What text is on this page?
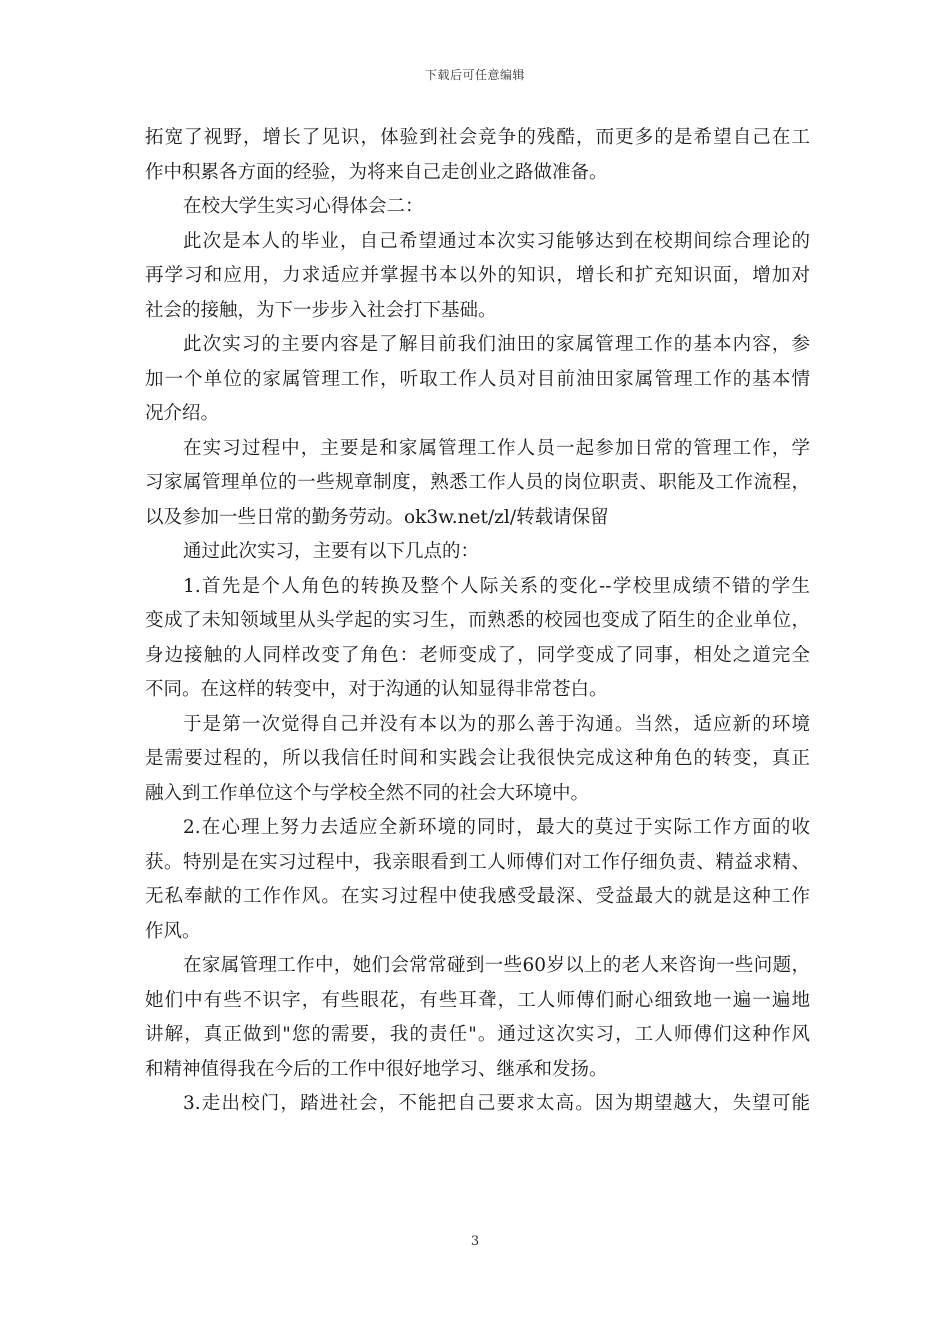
下载后可任意编辑
拓宽了视野，增长了见识，体验到社会竞争的残酷，而更多的是希望自己在工
作中积累各方面的经验，为将来自己走创业之路做准备。
在校大学生实习心得体会二：
此次是本人的毕业，自己希望通过本次实习能够达到在校期间综合理论的
再学习和应用，力求适应并掌握书本以外的知识，增长和扩充知识面，增加对
社会的接触，为下一步步入社会打下基础。
此次实习的主要内容是了解目前我们油田的家属管理工作的基本内容，参
加一个单位的家属管理工作，听取工作人员对目前油田家属管理工作的基本情
况介绍。
在实习过程中，主要是和家属管理工作人员一起参加日常的管理工作，学
习家属管理单位的一些规章制度，熟悉工作人员的岗位职责、职能及工作流程，
以及参加一些日常的勤务劳动。ok3w.net/zl/转载请保留
通过此次实习，主要有以下几点的：
1.首先是个人角色的转换及整个人际关系的变化--学校里成绩不错的学生
变成了未知领域里从头学起的实习生，而熟悉的校园也变成了陌生的企业单位，
身边接触的人同样改变了角色：老师变成了，同学变成了同事，相处之道完全
不同。在这样的转变中，对于沟通的认知显得非常苍白。
于是第一次觉得自己并没有本以为的那么善于沟通。当然，适应新的环境
是需要过程的，所以我信任时间和实践会让我很快完成这种角色的转变，真正
融入到工作单位这个与学校全然不同的社会大环境中。
2.在心理上努力去适应全新环境的同时，最大的莫过于实际工作方面的收
获。特别是在实习过程中，我亲眼看到工人师傅们对工作仔细负责、精益求精、
无私奉献的工作作风。在实习过程中使我感受最深、受益最大的就是这种工作
作风。
在家属管理工作中，她们会常常碰到一些60岁以上的老人来咨询一些问题，
她们中有些不识字，有些眼花，有些耳聋，工人师傅们耐心细致地一遍一遍地
讲解，真正做到"您的需要，我的责任"。通过这次实习，工人师傅们这种作风
和精神值得我在今后的工作中很好地学习、继承和发扬。
3.走出校门，踏进社会，不能把自己要求太高。因为期望越大，失望可能
3
